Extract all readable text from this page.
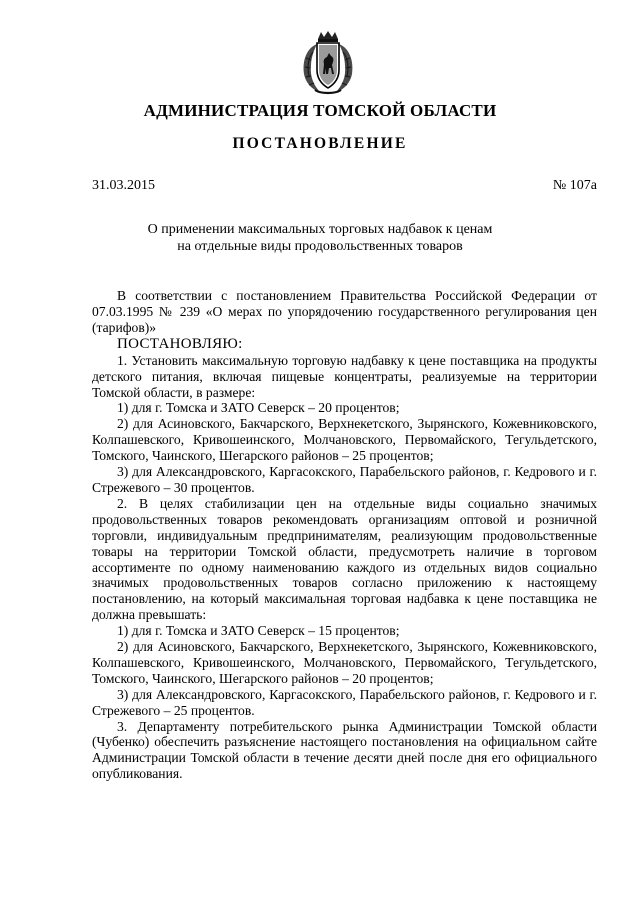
АДМИНИСТРАЦИЯ ТОМСКОЙ ОБЛАСТИ
ПОСТАНОВЛЕНИЕ
31.03.2015	№ 107а
О применении максимальных торговых надбавок к ценам
на отдельные виды продовольственных товаров

В соответствии с постановлением Правительства Российской Федерации от 07.03.1995 № 239 «О мерах по упорядочению государственного регулирования цен (тарифов)»

ПОСТАНОВЛЯЮ:

1. Установить максимальную торговую надбавку к цене поставщика на продукты детского питания, включая пищевые концентраты, реализуемые на территории Томской области, в размере:

1) для г. Томска и ЗАТО Северск – 20 процентов;

2) для Асиновского, Бакчарского, Верхнекетского, Зырянского, Кожевниковского, Колпашевского, Кривошеинского, Молчановского, Первомайского, Тегульдетского, Томского, Чаинского, Шегарского районов – 25 процентов;

3) для Александровского, Каргасокского, Парабельского районов, г. Кедрового и г. Стрежевого – 30 процентов.

2. В целях стабилизации цен на отдельные виды социально значимых продовольственных товаров рекомендовать организациям оптовой и розничной торговли, индивидуальным предпринимателям, реализующим продовольственные товары на территории Томской области, предусмотреть наличие в торговом ассортименте по одному наименованию каждого из отдельных видов социально значимых продовольственных товаров согласно приложению к настоящему постановлению, на который максимальная торговая надбавка к цене поставщика не должна превышать:

1) для г. Томска и ЗАТО Северск – 15 процентов;

2) для Асиновского, Бакчарского, Верхнекетского, Зырянского, Кожевниковского, Колпашевского, Кривошеинского, Молчановского, Первомайского, Тегульдетского, Томского, Чаинского, Шегарского районов – 20 процентов;

3) для Александровского, Каргасокского, Парабельского районов, г. Кедрового и г. Стрежевого – 25 процентов.

3. Департаменту потребительского рынка Администрации Томской области (Чубенко) обеспечить разъяснение настоящего постановления на официальном сайте Администрации Томской области в течение десяти дней после дня его официального опубликования.
